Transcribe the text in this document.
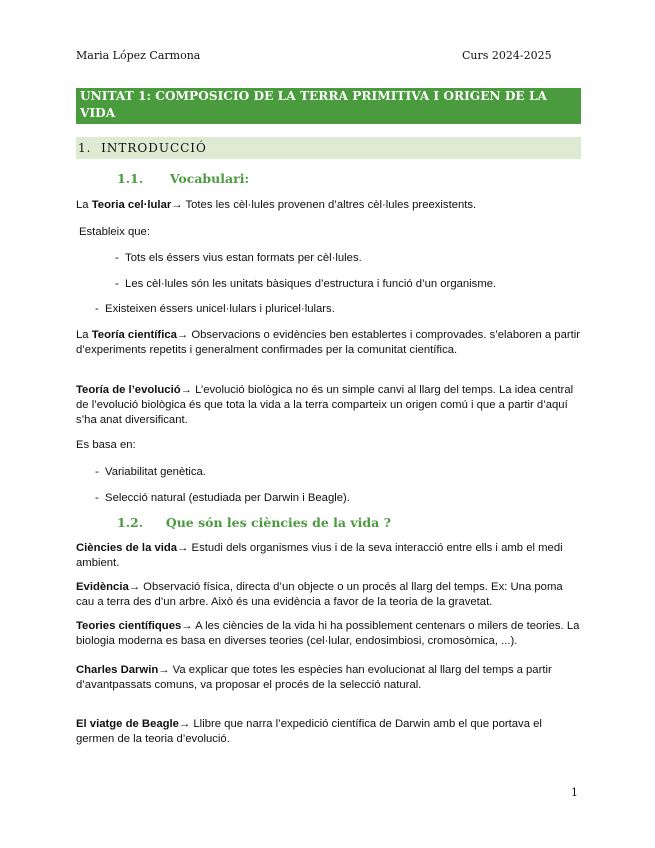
Maria López Carmona	Curs 2024-2025
UNITAT 1: COMPOSICIO DE LA TERRA PRIMITIVA I ORIGEN DE LA VIDA
1. INTRODUCCIÓ
1.1. Vocabulari:
La Teoria cel·lular→ Totes les cèl·lules provenen d’altres cèl·lules preexistents.
Estableix que:
-  Tots els éssers vius estan formats per cèl·lules.
-  Les cèl·lules són les unitats bàsiques d’estructura i funció d’un organisme.
-  Existeixen éssers unicel·lulars i pluricel·lulars.
La Teoría científica→ Observacions o evidències ben establertes i comprovades. s’elaboren a partir d’experiments repetits i generalment confirmades per la comunitat científica.
Teoría de l’evolució→ L’evolució biològica no és un simple canvi al llarg del temps. La idea central de l’evolució biològica és que tota la vida a la terra comparteix un origen comú i que a partir d’aquí s’ha anat diversificant.
Es basa en:
-  Variabilitat genètica.
-  Selecció natural (estudiada per Darwin i Beagle).
1.2. Que són les ciències de la vida ?
Ciències de la vida→ Estudi dels organismes vius i de la seva interacció entre ells i amb el medi ambient.
Evidència→ Observació física, directa d’un objecte o un procés al llarg del temps. Ex: Una poma cau a terra des d’un arbre. Això és una evidència a favor de la teoria de la gravetat.
Teories científiques→ A les ciències de la vida hi ha possiblement centenars o milers de teories. La biologia moderna es basa en diverses teories (cel·lular, endosimbiosi, cromosòmica, ...).
Charles Darwin→ Va explicar que totes les espècies han evolucionat al llarg del temps a partir d’avantpassats comuns, va proposar el procés de la selecció natural.
El viatge de Beagle→ Llibre que narra l’expedició científica de Darwin amb el que portava el germen de la teoria d’evolució.
1
